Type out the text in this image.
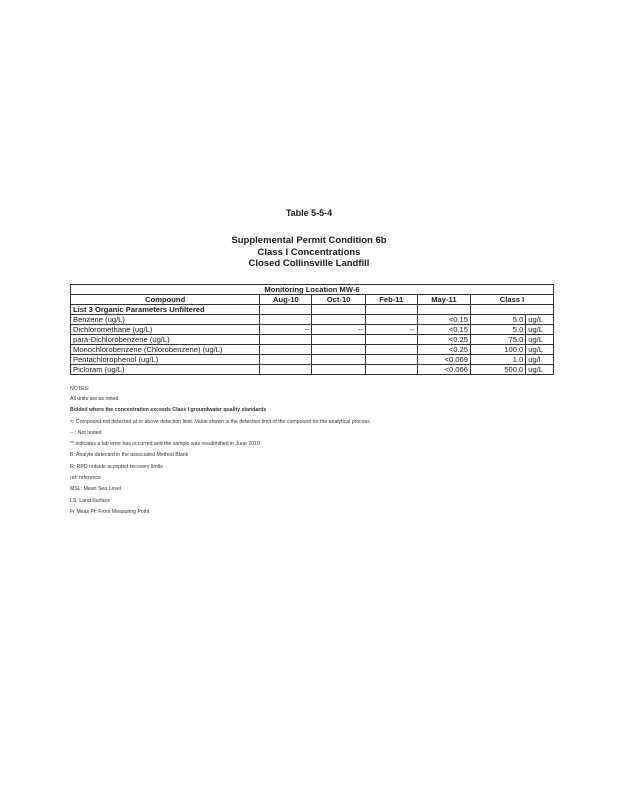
Table 5-5-4
Supplemental Permit Condition 6b
Class I Concentrations
Closed Collinsville Landfill
Monitoring Location MW-6						
Compound	Aug-10	Oct-10	Feb-11	May-11	Class I	
List 3 Organic Parameters Unfiltered						
Benzene (ug/L)				<0.15	5.0	ug/L
Dichloromethane (ug/L)	--	--	--	<0.15	5.0	ug/L
para-Dichlorobenzene (ug/L)				<0.25	75.0	ug/L
Monochlorobenzene (Chlorobenzene) (ug/L)				<0.25	100.0	ug/L
Pentachlorophenol (ug/L)				<0.069	1.0	ug/l
Picloram (ug/L)				<0.066	500.0	ug/L
NOTES:
All units are as noted
Bolded where the concentration exceeds Class I groundwater quality standards
<: Compound not detected at or above detection limit. Value shown is the detection limit of the compound for the analytical process
-- : Not tested
** indicates a lab error has occurred and the sample was resubmitted in June 2010
B: Analyte detected in the associated Method Blank
R: RPD outside accepted recovery limits
ref: reference
MSL: Mean Sea Level
LS: Land Surface
Fr Meas Pt: From Measuring Point
